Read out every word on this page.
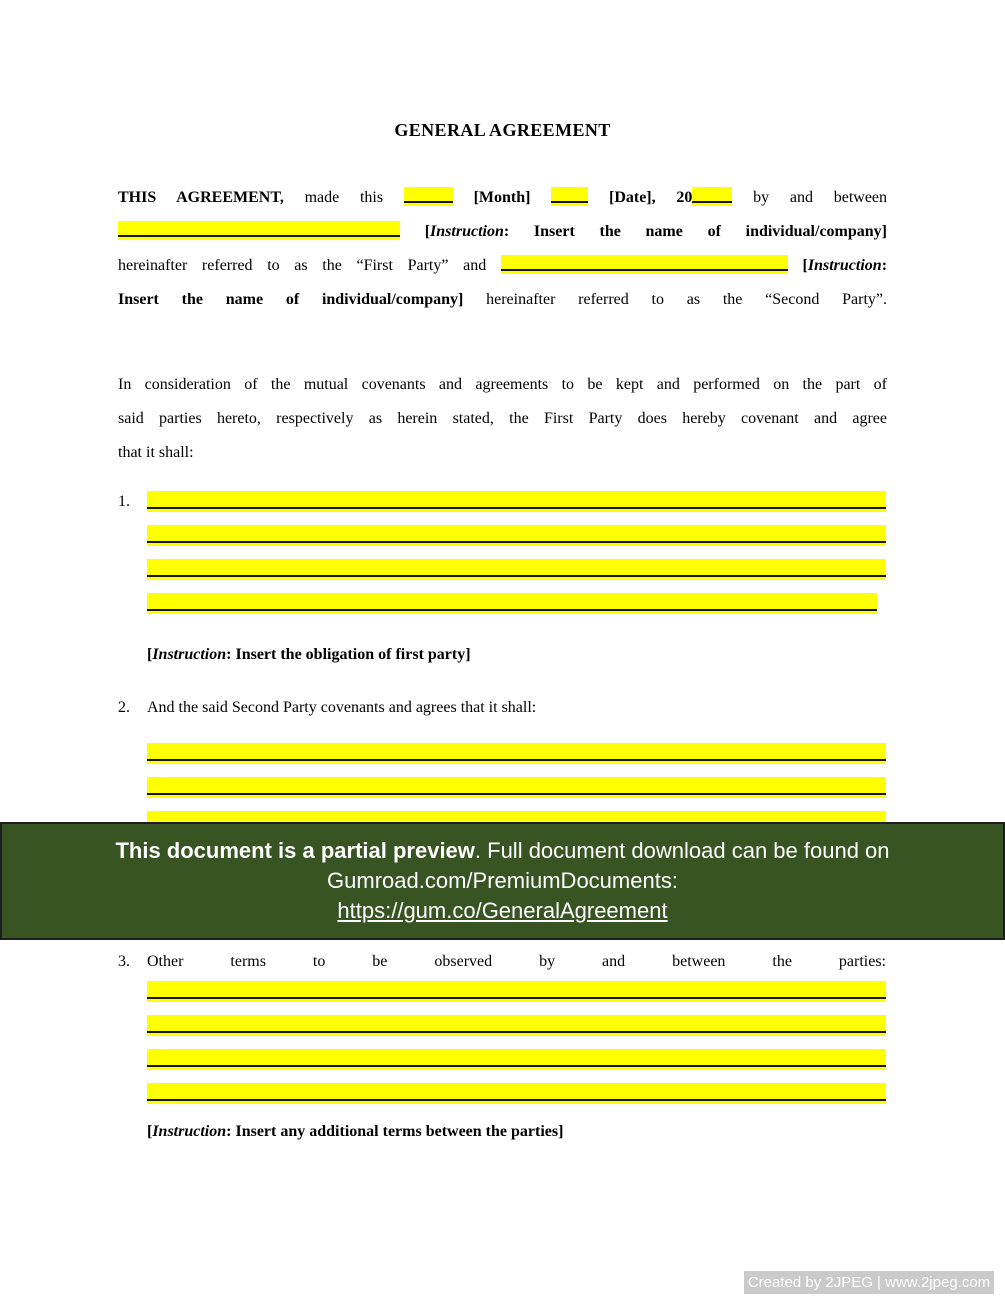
GENERAL AGREEMENT
THIS AGREEMENT, made this	[Month]	[Date], 20	by and between
[Instruction: Insert the name of individual/company]
hereinafter referred to as the “First Party” and	[Instruction:
Insert the name of individual/company] hereinafter referred to as the “Second Party”.
In consideration of the mutual covenants and agreements to be kept and performed on the part of
said parties hereto, respectively as herein stated, the First Party does hereby covenant and agree
that it shall:
1.
[Instruction: Insert the obligation of first party]
2. And the said Second Party covenants and agrees that it shall:
This document is a partial preview. Full document download can be found on
Gumroad.com/PremiumDocuments:
https://gum.co/GeneralAgreement
3. Other terms to be observed by and between the parties:
[Instruction: Insert any additional terms between the parties]
Created by 2JPEG | www.2jpeg.com
